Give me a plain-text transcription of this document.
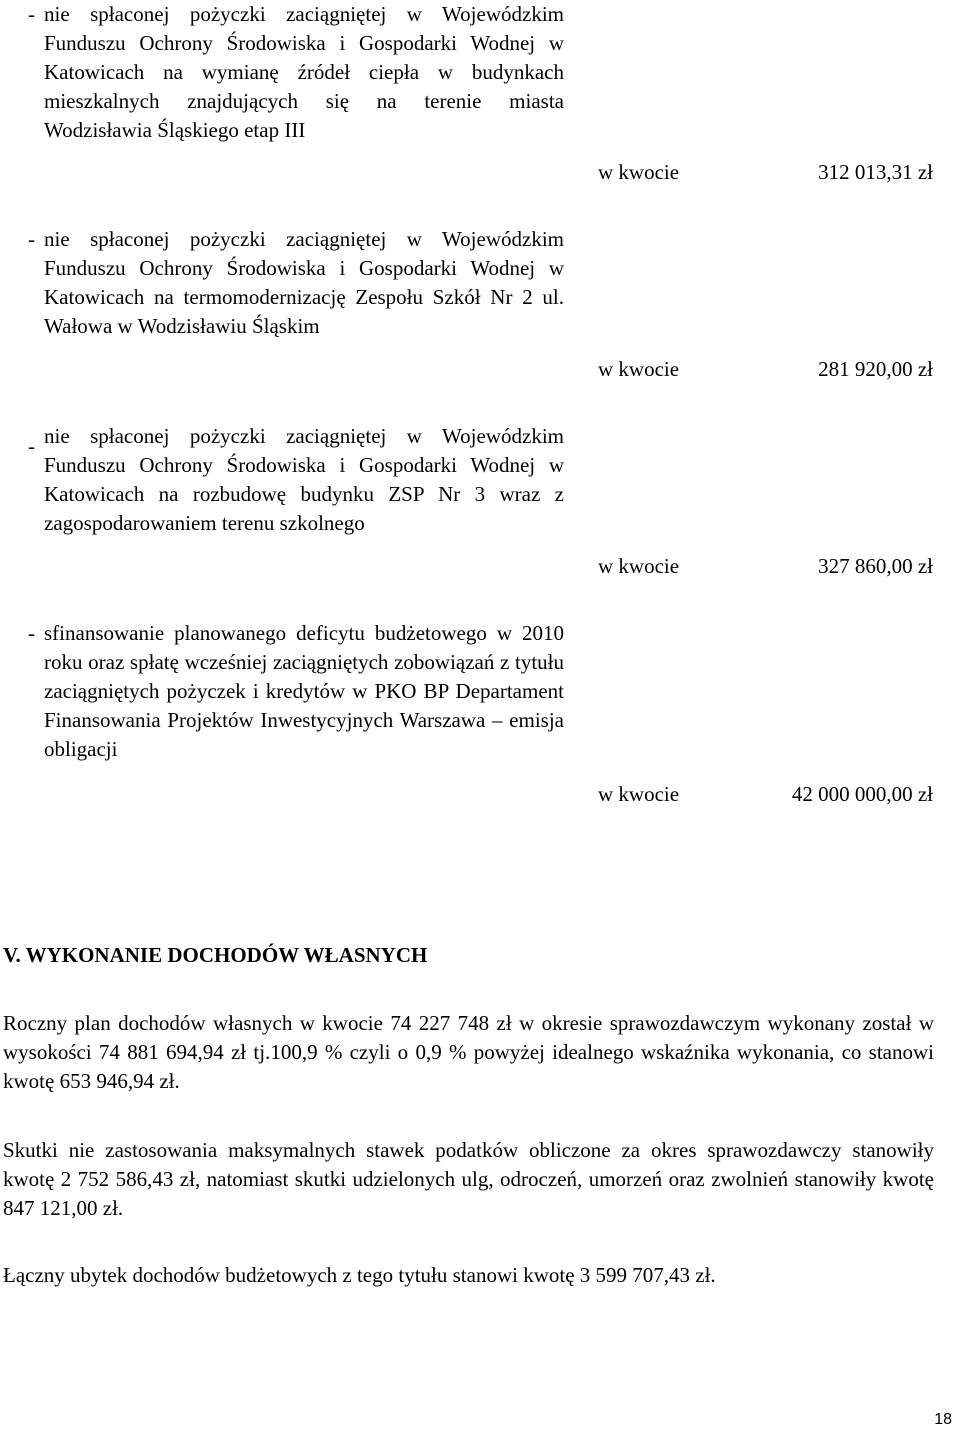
- nie spłaconej pożyczki zaciągniętej w Wojewódzkim Funduszu Ochrony Środowiska i Gospodarki Wodnej w Katowicach na wymianę źródeł ciepła w budynkach mieszkalnych znajdujących się na terenie miasta Wodzisławia Śląskiego etap III
w kwocie	312 013,31 zł
- nie spłaconej pożyczki zaciągniętej w Wojewódzkim Funduszu Ochrony Środowiska i Gospodarki Wodnej w Katowicach na termomodernizację Zespołu Szkół Nr 2 ul. Wałowa w Wodzisławiu Śląskim
w kwocie	281 920,00 zł
- nie spłaconej pożyczki zaciągniętej w Wojewódzkim Funduszu Ochrony Środowiska i Gospodarki Wodnej w Katowicach na rozbudowę budynku ZSP Nr 3 wraz z zagospodarowaniem terenu szkolnego
w kwocie	327 860,00 zł
- sfinansowanie planowanego deficytu budżetowego w 2010 roku oraz spłatę wcześniej zaciągniętych zobowiązań z tytułu zaciągniętych pożyczek i kredytów w PKO BP Departament Finansowania Projektów Inwestycyjnych Warszawa – emisja obligacji
w kwocie	42 000 000,00 zł
V. WYKONANIE DOCHODÓW WŁASNYCH
Roczny plan dochodów własnych w kwocie 74 227 748 zł w okresie sprawozdawczym wykonany został w wysokości 74 881 694,94 zł tj.100,9 % czyli o 0,9 % powyżej idealnego wskaźnika wykonania, co stanowi kwotę 653 946,94 zł.
Skutki nie zastosowania maksymalnych stawek podatków obliczone za okres sprawozdawczy stanowiły kwotę 2 752 586,43 zł, natomiast skutki udzielonych ulg, odroczeń, umorzeń oraz zwolnień stanowiły kwotę 847 121,00 zł.
Łączny ubytek dochodów budżetowych z tego tytułu stanowi kwotę 3 599 707,43 zł.
18
